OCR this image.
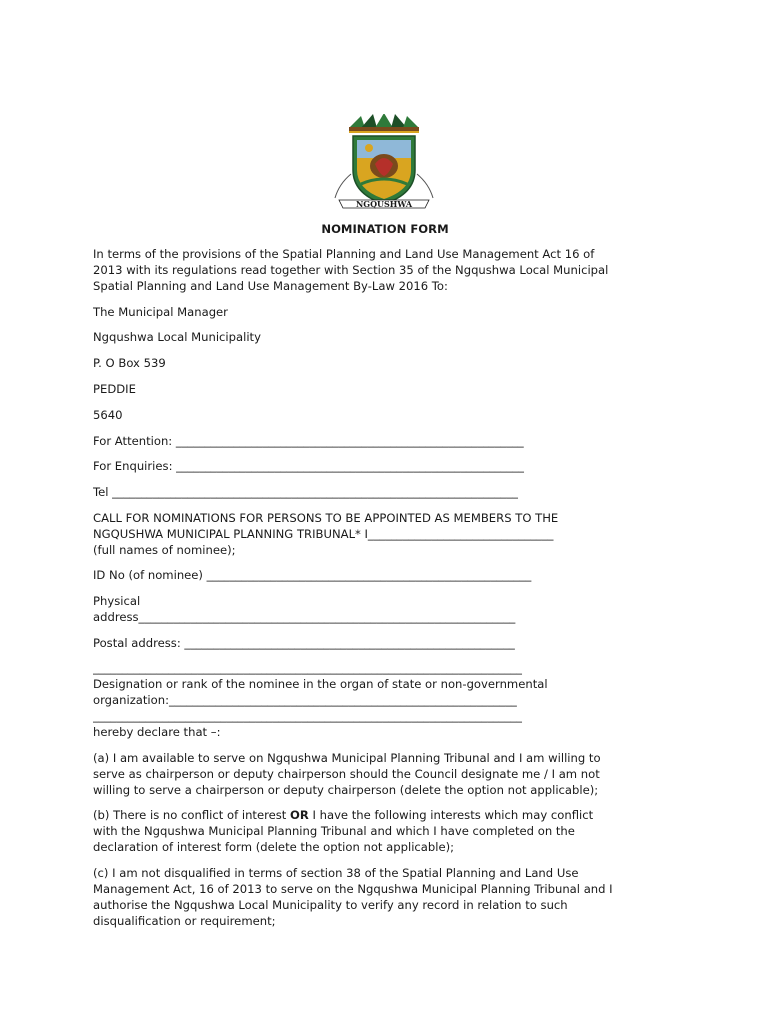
NGQUSHWA
NOMINATION FORM
In terms of the provisions of the Spatial Planning and Land Use Management Act 16 of
2013 with its regulations read together with Section 35 of the Ngqushwa Local Municipal
Spatial Planning and Land Use Management By-Law 2016 To:
The Municipal Manager
Ngqushwa Local Municipality
P. O Box 539
PEDDIE
5640
For Attention: ____________________________________________________________
For Enquiries: ____________________________________________________________
Tel ______________________________________________________________________
CALL FOR NOMINATIONS FOR PERSONS TO BE APPOINTED AS MEMBERS TO THE
NGQUSHWA MUNICIPAL PLANNING TRIBUNAL* I________________________________
(full names of nominee);
ID No (of nominee) ________________________________________________________
Physical
address_________________________________________________________________
Postal address: _________________________________________________________
__________________________________________________________________________
Designation or rank of the nominee in the organ of state or non-governmental
organization:____________________________________________________________
__________________________________________________________________________
hereby declare that –:
(a) I am available to serve on Ngqushwa Municipal Planning Tribunal and I am willing to
serve as chairperson or deputy chairperson should the Council designate me / I am not
willing to serve a chairperson or deputy chairperson (delete the option not applicable);
(b) There is no conflict of interest OR I have the following interests which may conflict
with the Ngqushwa Municipal Planning Tribunal and which I have completed on the
declaration of interest form (delete the option not applicable);
(c) I am not disqualified in terms of section 38 of the Spatial Planning and Land Use
Management Act, 16 of 2013 to serve on the Ngqushwa Municipal Planning Tribunal and I
authorise the Ngqushwa Local Municipality to verify any record in relation to such
disqualification or requirement;
